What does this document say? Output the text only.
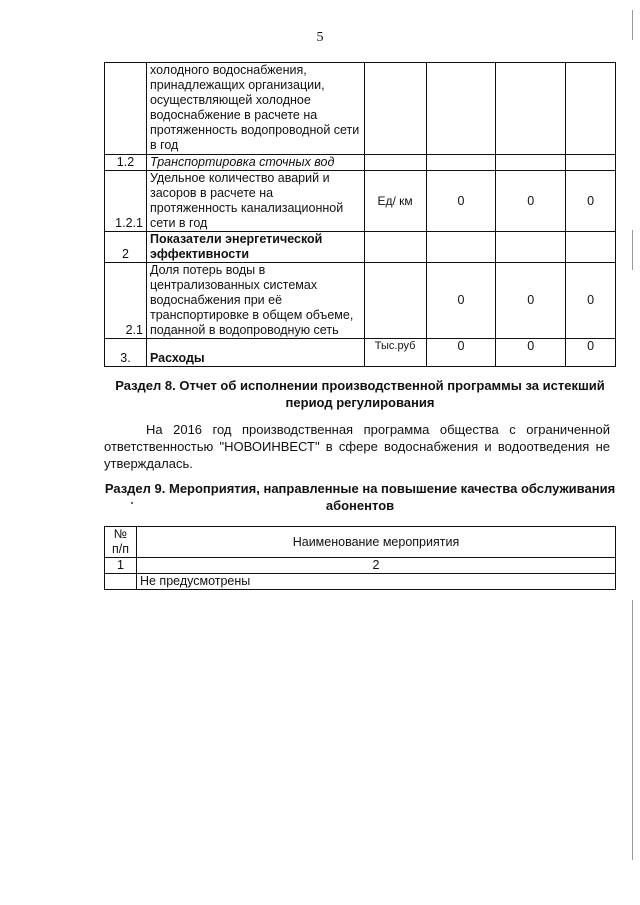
5
	холодного водоснабжения, принадлежащих организации, осуществляющей холодное водоснабжение в расчете на протяженность водопроводной сети в год				
1.2	Транспортировка сточных вод				
1.2.1	Удельное количество аварий и засоров в расчете на протяженность канализационной сети в год	Ед/ км	0	0	0
2	Показатели энергетической эффективности				
2.1	Доля потерь воды в централизованных системах водоснабжения при её транспортировке в общем объеме, поданной в водопроводную сеть		0	0	0
3.	Расходы	Тыс.руб	0	0	0
Раздел 8. Отчет об исполнении производственной программы за истекший период регулирования
На 2016 год производственная программа общества с ограниченной ответственностью "НОВОИНВЕСТ" в сфере водоснабжения и водоотведения не утверждалась.
Раздел 9. Мероприятия, направленные на повышение качества обслуживания абонентов
№ п/п	Наименование мероприятия
1	2
	Не предусмотрены
